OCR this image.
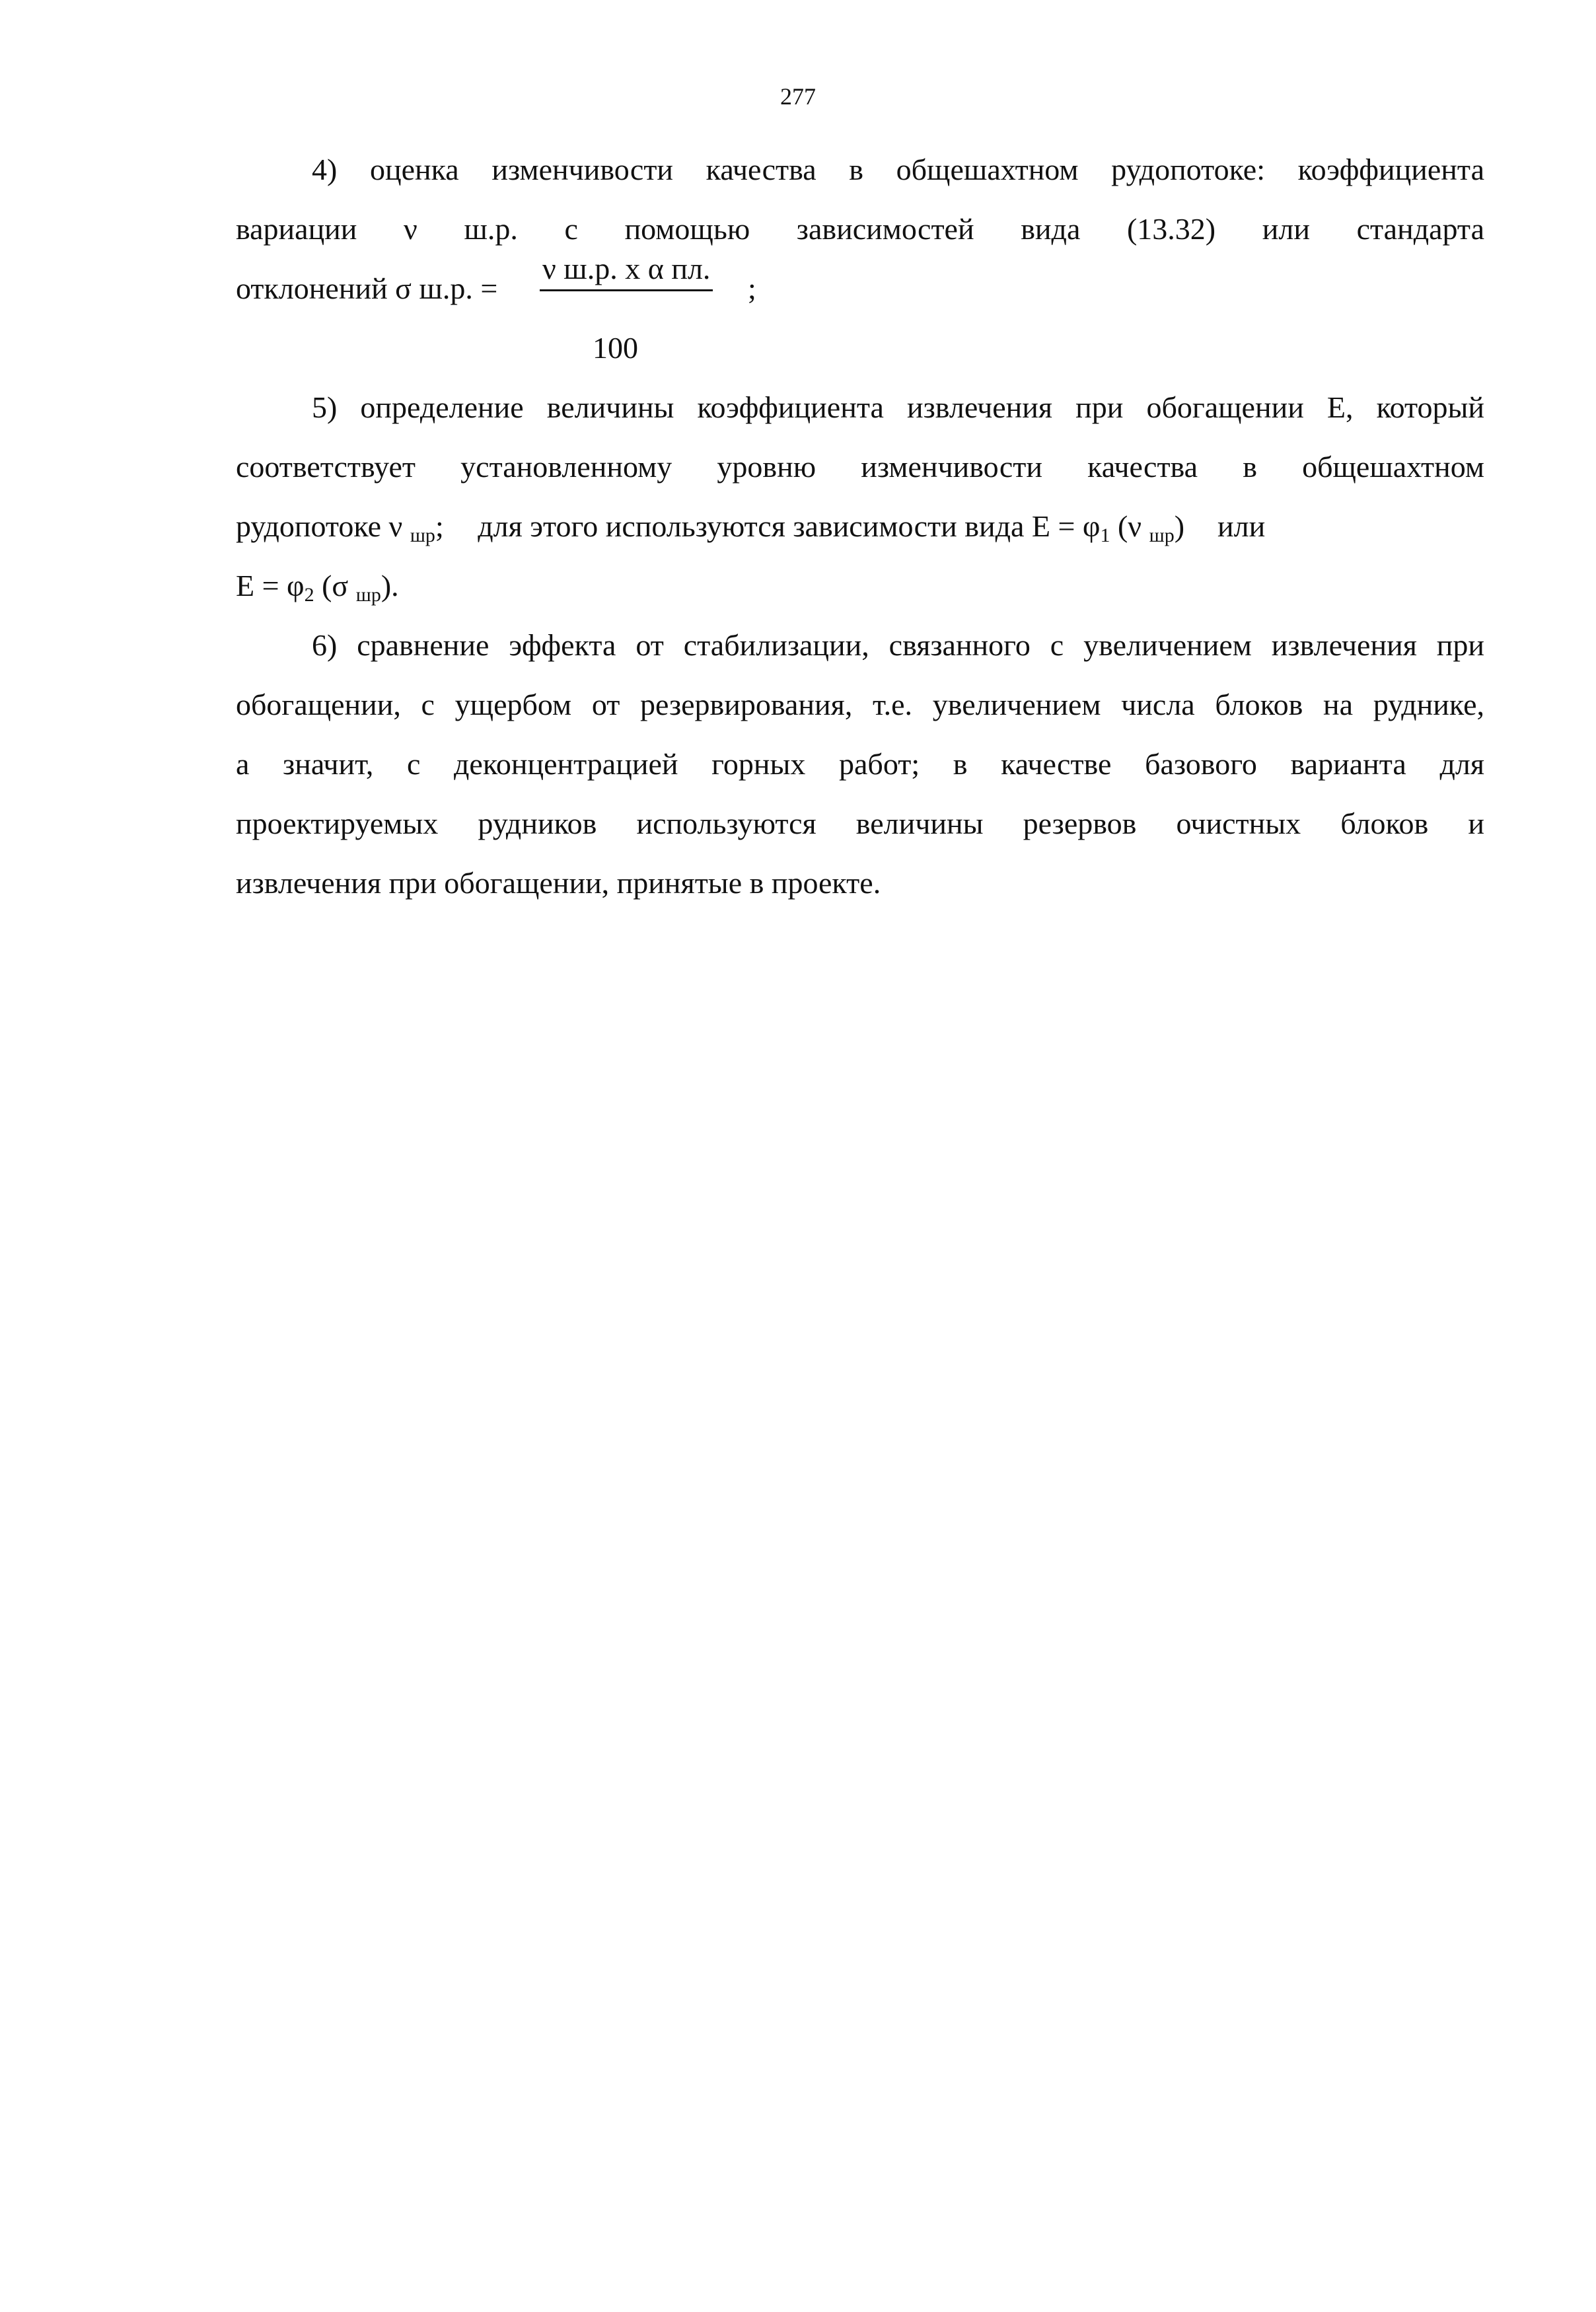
277
4) оценка изменчивости качества в общешахтном рудопотоке: коэффициента
вариации ν ш.р. с помощью зависимостей вида (13.32) или стандарта
отклонений σ ш.р. =
ν ш.р. х α пл.
;
100
5) определение величины коэффициента извлечения при обогащении Е, который
соответствует установленному уровню изменчивости качества в общешахтном
рудопотоке ν $_{шр}$; для этого используются зависимости вида $Е = \varphi_1$ (ν $_{шр}$) или
$Е = \varphi_2$ (σ $_{шр}$).
6) сравнение эффекта от стабилизации, связанного с увеличением извлечения при
обогащении, с ущербом от резервирования, т.е. увеличением числа блоков на руднике,
а значит, с деконцентрацией горных работ; в качестве базового варианта для
проектируемых рудников используются величины резервов очистных блоков и
извлечения при обогащении, принятые в проекте.
